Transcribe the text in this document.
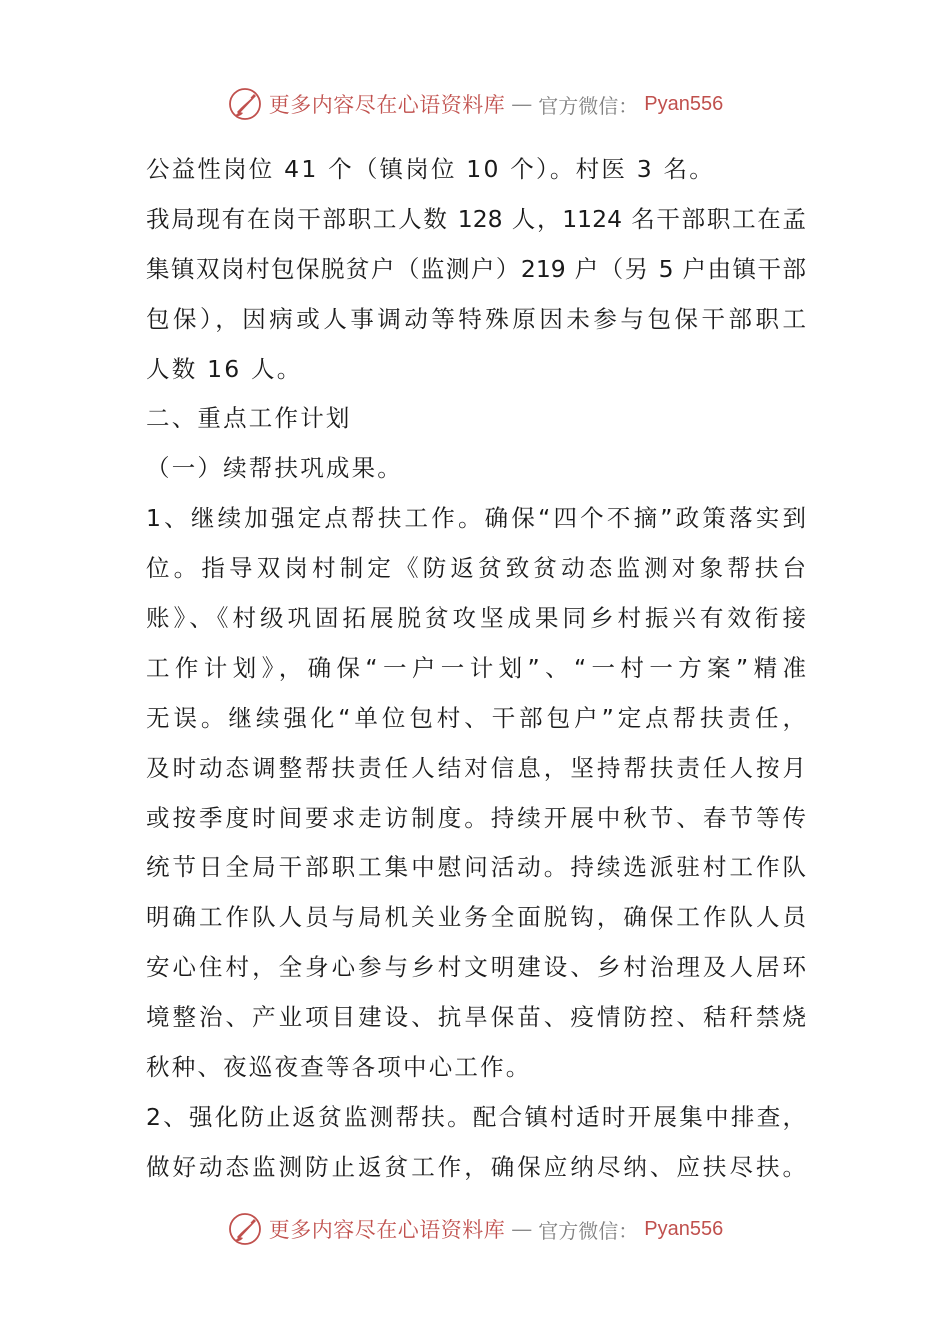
更多内容尽在心语资料库 — 官方微信： Pyan556
公益性岗位 41 个（镇岗位 10 个）。村医 3 名。
我局现有在岗干部职工人数 128 人，1124 名干部职工在孟
集镇双岗村包保脱贫户（监测户）219 户（另 5 户由镇干部
包保），因病或人事调动等特殊原因未参与包保干部职工
人数 16 人。
二、重点工作计划
（一）续帮扶巩成果。
1、继续加强定点帮扶工作。确保“四个不摘”政策落实到
位。指导双岗村制定《防返贫致贫动态监测对象帮扶台
账》、《村级巩固拓展脱贫攻坚成果同乡村振兴有效衔接
工作计划》，确保“一户一计划”、“一村一方案”精准
无误。继续强化“单位包村、干部包户”定点帮扶责任，
及时动态调整帮扶责任人结对信息，坚持帮扶责任人按月
或按季度时间要求走访制度。持续开展中秋节、春节等传
统节日全局干部职工集中慰问活动。持续选派驻村工作队
明确工作队人员与局机关业务全面脱钩，确保工作队人员
安心住村，全身心参与乡村文明建设、乡村治理及人居环
境整治、产业项目建设、抗旱保苗、疫情防控、秸秆禁烧
秋种、夜巡夜查等各项中心工作。
2、强化防止返贫监测帮扶。配合镇村适时开展集中排查，
做好动态监测防止返贫工作，确保应纳尽纳、应扶尽扶。
更多内容尽在心语资料库 — 官方微信： Pyan556
